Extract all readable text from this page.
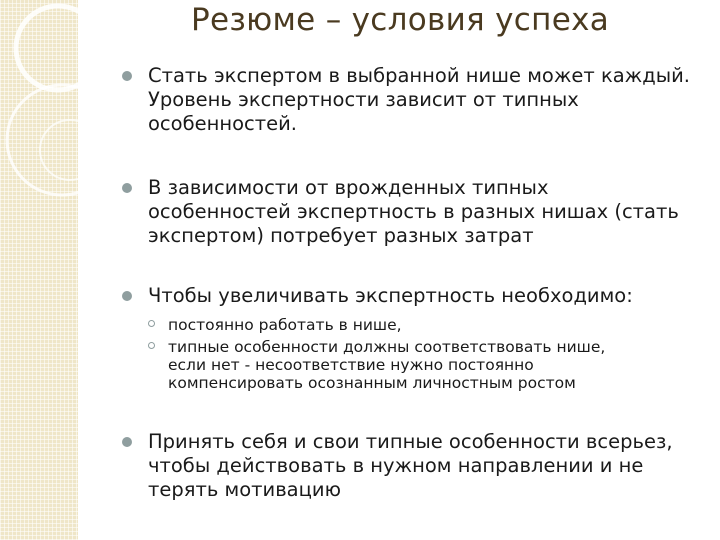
Резюме – условия успеха
Стать экспертом в выбранной нише может каждый.
Уровень экспертности зависит от типных
особенностей.
В зависимости от врожденных типных
особенностей экспертность в разных нишах (стать
экспертом) потребует разных затрат
Чтобы увеличивать экспертность необходимо:
постоянно работать в нише,
типные особенности должны соответствовать нише,
если нет - несоответствие нужно постоянно
компенсировать осознанным личностным ростом
Принять себя и свои типные особенности всерьез,
чтобы действовать в нужном направлении и не
терять мотивацию
